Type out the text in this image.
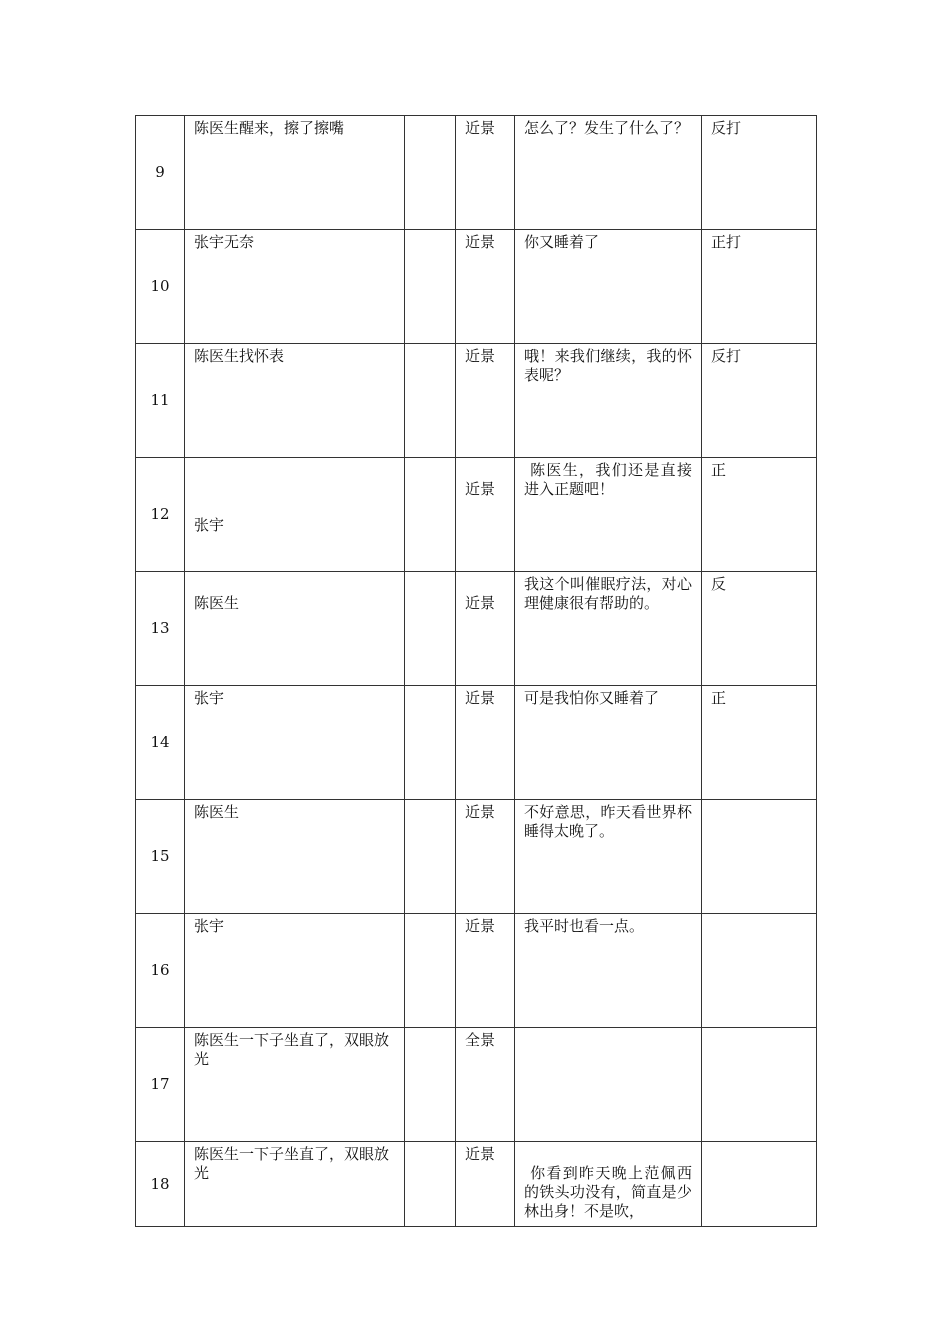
9	陈医生醒来，擦了擦嘴		近景	怎么了？发生了什么了？	反打
10	张宇无奈		近景	你又睡着了	正打
11	陈医生找怀表		近景	哦！来我们继续，我的怀表呢？	反打
12	张宇		近景	陈医生，我们还是直接进入正题吧！	正
13	陈医生		近景	我这个叫催眠疗法，对心理健康很有帮助的。	反
14	张宇		近景	可是我怕你又睡着了	正
15	陈医生		近景	不好意思，昨天看世界杯睡得太晚了。	
16	张宇		近景	我平时也看一点。	
17	陈医生一下子坐直了，双眼放光		全景		
18	陈医生一下子坐直了，双眼放光		近景	你看到昨天晚上范佩西的铁头功没有，简直是少林出身！不是吹，	
